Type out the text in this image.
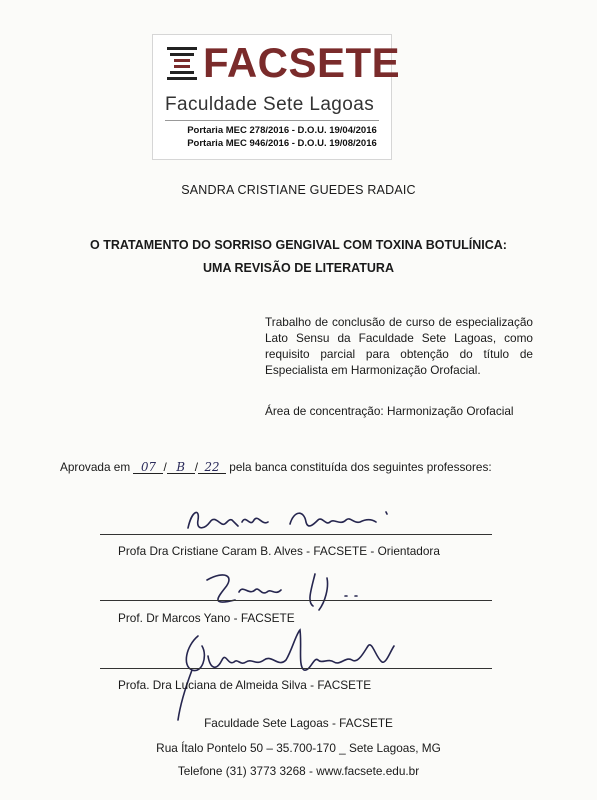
FACSETE
Faculdade Sete Lagoas
Portaria MEC 278/2016 - D.O.U. 19/04/2016
Portaria MEC 946/2016 - D.O.U. 19/08/2016
SANDRA CRISTIANE GUEDES RADAIC
O TRATAMENTO DO SORRISO GENGIVAL COM TOXINA BOTULÍNICA:
UMA REVISÃO DE LITERATURA
Trabalho de conclusão de curso de especialização Lato Sensu da Faculdade Sete Lagoas, como requisito parcial para obtenção do título de Especialista em Harmonização Orofacial.
Área de concentração: Harmonização Orofacial
Aprovada em 07 / B / 22 pela banca constituída dos seguintes professores:
Profa Dra Cristiane Caram B. Alves - FACSETE - Orientadora
Prof. Dr Marcos Yano - FACSETE
Profa. Dra Luciana de Almeida Silva - FACSETE
Faculdade Sete Lagoas - FACSETE
Rua Ítalo Pontelo 50 – 35.700-170 _ Sete Lagoas, MG
Telefone (31) 3773 3268 - www.facsete.edu.br
